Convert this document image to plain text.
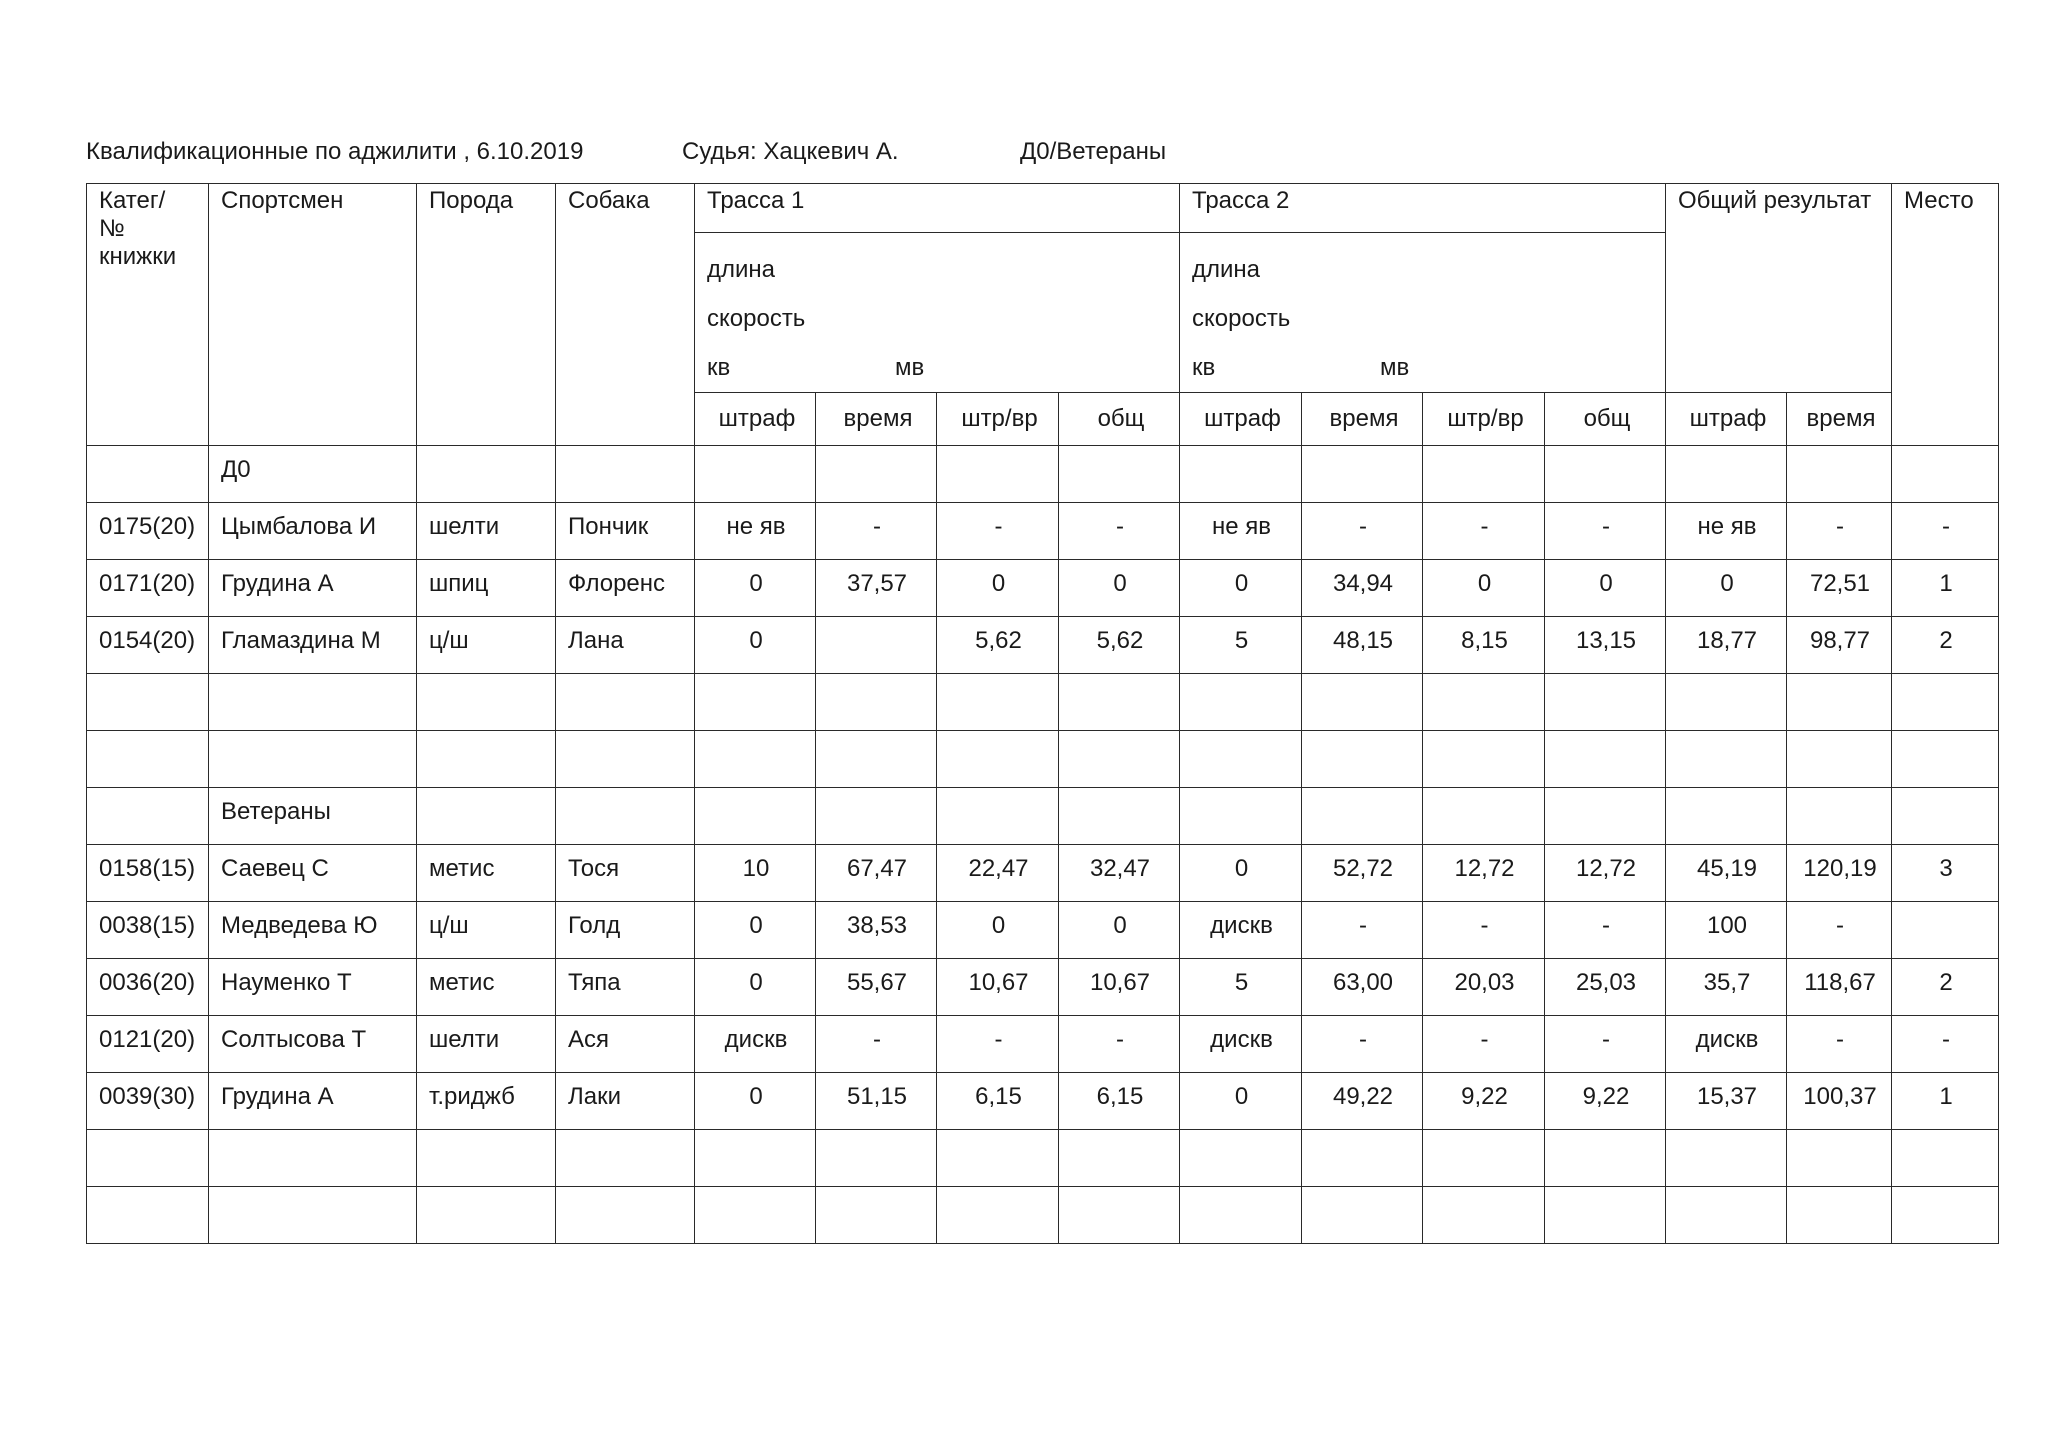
Квалификационные по аджилити , 6.10.2019	Судья: Хацкевич А.	Д0/Ветераны
Катег/
№
книжки	Спортсмен	Порода	Собака	Трасса 1				Трасса 2				Общий результат		Место

				длина
скорость
кв мв				длина
скорость
кв мв						

				штраф	время	штр/вр	общ	штраф	время	штр/вр	общ	штраф	время	

	Д0													

0175(20)	Цымбалова И	шелти	Пончик	не яв	-	-	-	не яв	-	-	-	не яв	-	-

0171(20)	Грудина А	шпиц	Флоренс	0	37,57	0	0	0	34,94	0	0	0	72,51	1

0154(20)	Гламаздина М	ц/ш	Лана	0		5,62	5,62	5	48,15	8,15	13,15	18,77	98,77	2

	Ветераны													

0158(15)	Саевец С	метис	Тося	10	67,47	22,47	32,47	0	52,72	12,72	12,72	45,19	120,19	3

0038(15)	Медведева Ю	ц/ш	Голд	0	38,53	0	0	дискв	-	-	-	100	-	

0036(20)	Науменко Т	метис	Тяпа	0	55,67	10,67	10,67	5	63,00	20,03	25,03	35,7	118,67	2

0121(20)	Солтысова Т	шелти	Ася	дискв	-	-	-	дискв	-	-	-	дискв	-	-

0039(30)	Грудина А	т.риджб	Лаки	0	51,15	6,15	6,15	0	49,22	9,22	9,22	15,37	100,37	1
